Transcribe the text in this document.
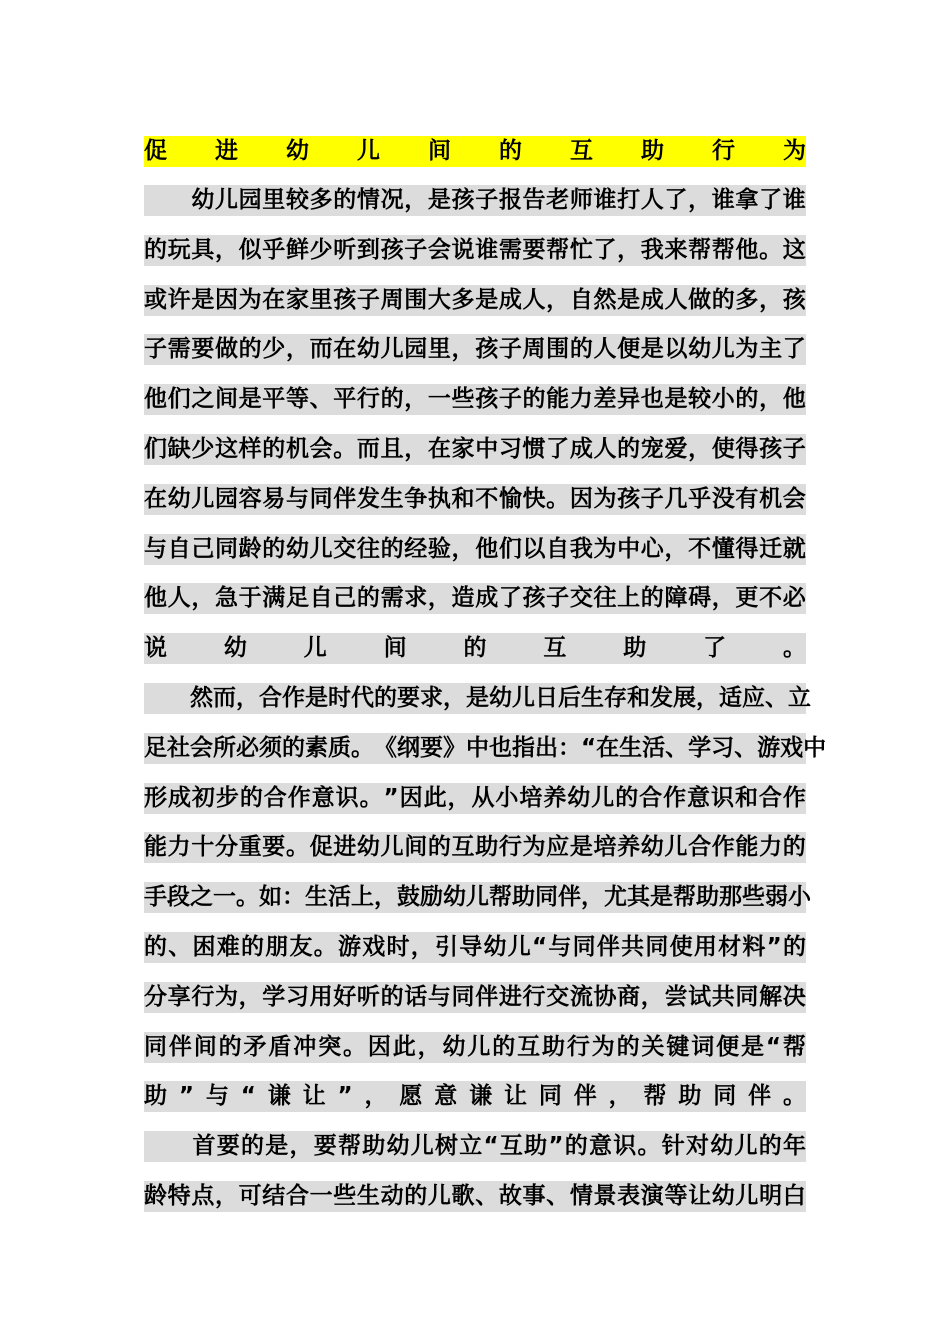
促 进 幼 儿 间 的 互 助 行 为

幼 儿 园 里 较 多 的 情 况 ， 是 孩 子 报 告 老 师 谁 打 人 了 ， 谁 拿 了 谁
的 玩 具 ， 似 乎 鲜 少 听 到 孩 子 会 说 谁 需 要 帮 忙 了 ， 我 来 帮 帮 他 。 这
或 许 是 因 为 在 家 里 孩 子 周 围 大 多 是 成 人 ， 自 然 是 成 人 做 的 多 ， 孩
子 需 要 做 的 少 ， 而 在 幼 儿 园 里 ， 孩 子 周 围 的 人 便 是 以 幼 儿 为 主 了
他 们 之 间 是 平 等 、 平 行 的 ， 一 些 孩 子 的 能 力 差 异 也 是 较 小 的 ， 他
们 缺 少 这 样 的 机 会 。 而 且 ， 在 家 中 习 惯 了 成 人 的 宠 爱 ， 使 得 孩 子
在 幼 儿 园 容 易 与 同 伴 发 生 争 执 和 不 愉 快 。 因 为 孩 子 几 乎 没 有 机 会
与 自 己 同 龄 的 幼 儿 交 往 的 经 验 ， 他 们 以 自 我 为 中 心 ， 不 懂 得 迁 就
他 人 ， 急 于 满 足 自 己 的 需 求 ， 造 成 了 孩 子 交 往 上 的 障 碍 ， 更 不 必
说 幼 儿 间 的 互 助 了 。

然 而 ， 合 作 是 时 代 的 要 求 ， 是 幼 儿 日 后 生 存 和 发 展 ， 适 应 、 立
足 社 会 所 必 须 的 素 质 。 《 纲 要 》 中 也 指 出 ： “ 在 生 活 、 学 习 、 游 戏 中
形 成 初 步 的 合 作 意 识 。 ” 因 此 ， 从 小 培 养 幼 儿 的 合 作 意 识 和 合 作
能 力 十 分 重 要 。 促 进 幼 儿 间 的 互 助 行 为 应 是 培 养 幼 儿 合 作 能 力 的
手 段 之 一 。 如 ： 生 活 上 ， 鼓 励 幼 儿 帮 助 同 伴 ， 尤 其 是 帮 助 那 些 弱 小
的 、 困 难 的 朋 友 。 游 戏 时 ， 引 导 幼 儿 “ 与 同 伴 共 同 使 用 材 料 ” 的
分 享 行 为 ， 学 习 用 好 听 的 话 与 同 伴 进 行 交 流 协 商 ， 尝 试 共 同 解 决
同 伴 间 的 矛 盾 冲 突 。 因 此 ， 幼 儿 的 互 助 行 为 的 关 键 词 便 是 “ 帮
助 ” 与 “ 谦 让 ” ， 愿 意 谦 让 同 伴 ， 帮 助 同 伴 。

首 要 的 是 ， 要 帮 助 幼 儿 树 立 “ 互 助 ” 的 意 识 。 针 对 幼 儿 的 年
龄 特 点 ， 可 结 合 一 些 生 动 的 儿 歌 、 故 事 、 情 景 表 演 等 让 幼 儿 明 白
